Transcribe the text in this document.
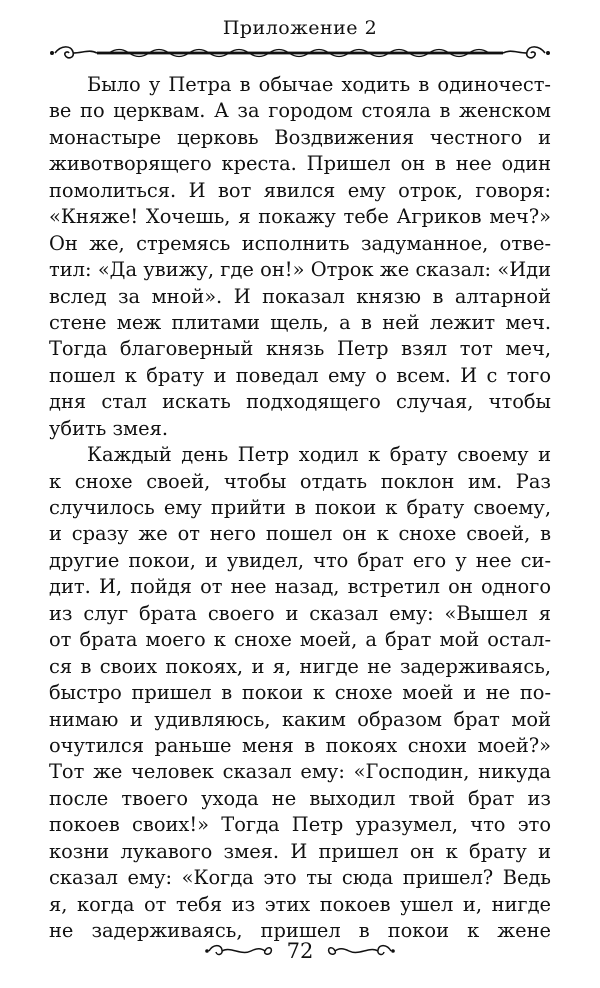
Приложение 2
Было у Петра в обычае ходить в одиночест-
ве по церквам. А за городом стояла в женском
монастыре церковь Воздвижения честного и
животворящего креста. Пришел он в нее один
помолиться. И вот явился ему отрок, говоря:
«Княже! Хочешь, я покажу тебе Агриков меч?»
Он же, стремясь исполнить задуманное, отве-
тил: «Да увижу, где он!» Отрок же сказал: «Иди
вслед за мной». И показал князю в алтарной
стене меж плитами щель, а в ней лежит меч.
Тогда благоверный князь Петр взял тот меч,
пошел к брату и поведал ему о всем. И с того
дня стал искать подходящего случая, чтобы
убить змея.
Каждый день Петр ходил к брату своему и
к снохе своей, чтобы отдать поклон им. Раз
случилось ему прийти в покои к брату своему,
и сразу же от него пошел он к снохе своей, в
другие покои, и увидел, что брат его у нее си-
дит. И, пойдя от нее назад, встретил он одного
из слуг брата своего и сказал ему: «Вышел я
от брата моего к снохе моей, а брат мой остал-
ся в своих покоях, и я, нигде не задерживаясь,
быстро пришел в покои к снохе моей и не по-
нимаю и удивляюсь, каким образом брат мой
очутился раньше меня в покоях снохи моей?»
Тот же человек сказал ему: «Господин, никуда
после твоего ухода не выходил твой брат из
покоев своих!» Тогда Петр уразумел, что это
козни лукавого змея. И пришел он к брату и
сказал ему: «Когда это ты сюда пришел? Ведь
я, когда от тебя из этих покоев ушел и, нигде
не задерживаясь, пришел в покои к жене
72
